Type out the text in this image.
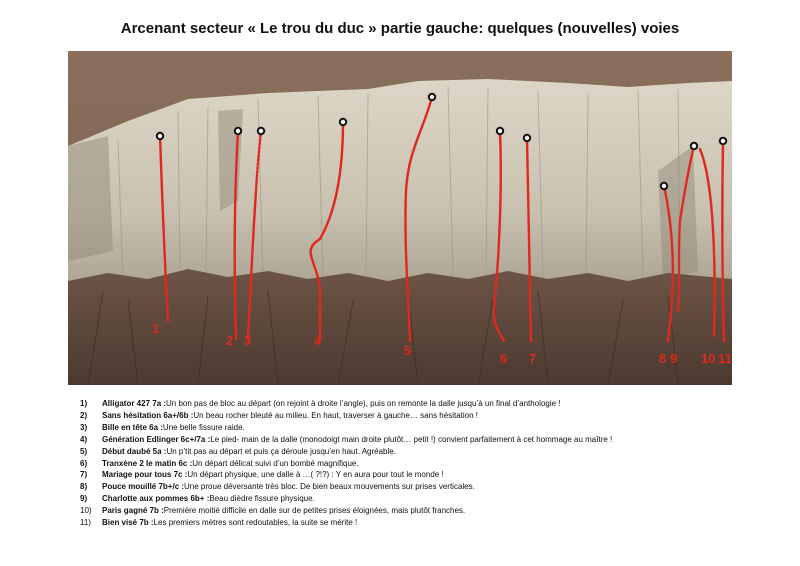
Arcenant secteur « Le trou du duc » partie gauche: quelques (nouvelles) voies
1
2 3	4
5
6 7	8 9 10 11
1)	Alligator 427 7a : Un bon pas de bloc au départ (on rejoint à droite l’angle), puis on remonte la dalle jusqu’à un final d’anthologie !
2)	Sans hésitation 6a+/6b : Un beau rocher bleuté au milieu. En haut, traverser à gauche… sans hésitation !
3)	Bille en tête 6a : Une belle fissure raide.
4)	Génération Edlinger 6c+/7a : Le pied- main de la dalle (monodoigt main droite plutôt… petit !) convient parfaitement à cet hommage au maître !
5)	Début daubé 5a : Un p’tit pas au départ et puis ça déroule jusqu’en haut. Agréable.
6)	Tranxène 2 le matin 6c : Un départ délicat suivi d’un bombé magnifique.
7)	Mariage pour tous 7c : Un départ physique, une dalle à …( ?!?) : Y en aura pour tout le monde !
8)	Pouce mouillé 7b+/c : Une proue déversante très bloc. De bien beaux mouvements sur prises verticales.
9)	Charlotte aux pommes 6b+ : Beau dièdre fissure physique.
10)	Paris gagné 7b : Première moitié difficile en dalle sur de petites prises éloignées, mais plutôt franches.
11)	Bien visé 7b : Les premiers mètres sont redoutables, la suite se mérite !
